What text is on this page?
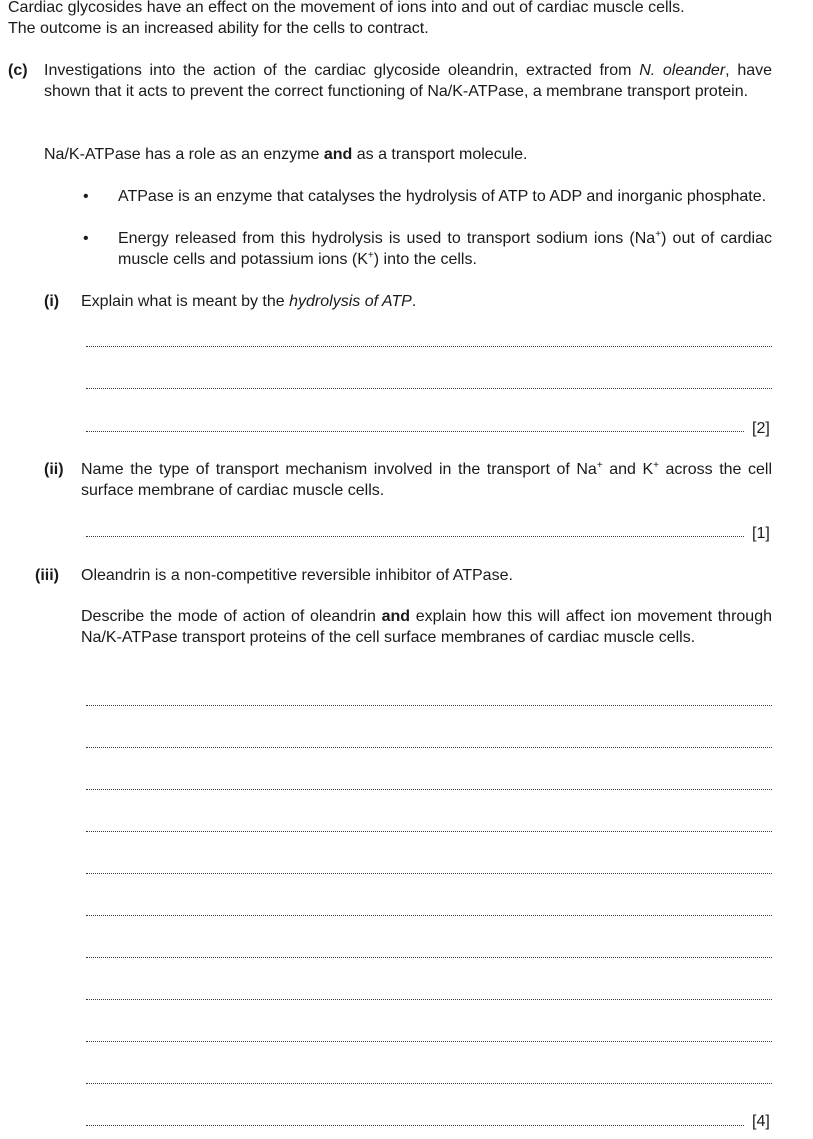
Cardiac glycosides have an effect on the movement of ions into and out of cardiac muscle cells.
The outcome is an increased ability for the cells to contract.
(c) Investigations into the action of the cardiac glycoside oleandrin, extracted from N. oleander, have shown that it acts to prevent the correct functioning of Na/K-ATPase, a membrane transport protein.
Na/K-ATPase has a role as an enzyme and as a transport molecule.
• ATPase is an enzyme that catalyses the hydrolysis of ATP to ADP and inorganic phosphate.
• Energy released from this hydrolysis is used to transport sodium ions (Na+) out of cardiac muscle cells and potassium ions (K+) into the cells.
(i) Explain what is meant by the hydrolysis of ATP.
[2]
(ii) Name the type of transport mechanism involved in the transport of Na+ and K+ across the cell surface membrane of cardiac muscle cells.
[1]
(iii) Oleandrin is a non-competitive reversible inhibitor of ATPase.
Describe the mode of action of oleandrin and explain how this will affect ion movement through Na/K-ATPase transport proteins of the cell surface membranes of cardiac muscle cells.
[4]
